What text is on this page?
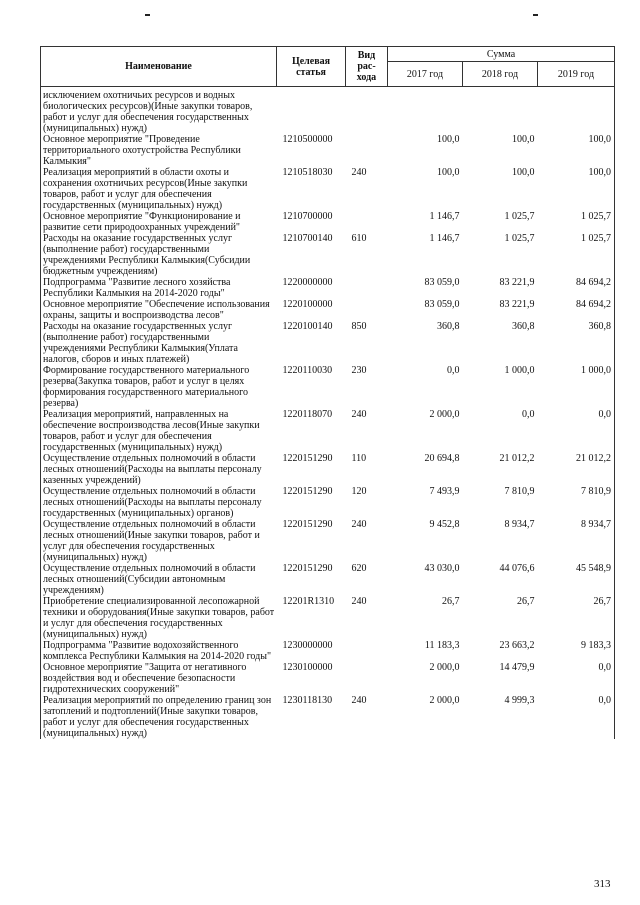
Наименование	Целевая статья	Вид рас-хода	Сумма		
			2017 год	2018 год	2019 год
исключением охотничьих ресурсов и водных биологических ресурсов)(Иные закупки товаров, работ и услуг для обеспечения государственных (муниципальных) нужд)					
Основное мероприятие "Проведение территориального охотустройства Республики Калмыкия"	1210500000		100,0	100,0	100,0
Реализация мероприятий в области охоты и сохранения охотничьих ресурсов(Иные закупки товаров, работ и услуг для обеспечения государственных (муниципальных) нужд)	1210518030	240	100,0	100,0	100,0
Основное мероприятие "Функционирование и развитие сети природоохранных учреждений"	1210700000		1 146,7	1 025,7	1 025,7
Расходы на оказание государственных услуг (выполнение работ) государственными учреждениями Республики Калмыкия(Субсидии бюджетным учреждениям)	1210700140	610	1 146,7	1 025,7	1 025,7
Подпрограмма "Развитие лесного хозяйства Республики Калмыкия на 2014-2020 годы"	1220000000		83 059,0	83 221,9	84 694,2
Основное мероприятие "Обеспечение использования охраны, защиты и воспроизводства лесов"	1220100000		83 059,0	83 221,9	84 694,2
Расходы на оказание государственных услуг (выполнение работ) государственными учреждениями Республики Калмыкия(Уплата налогов, сборов и иных платежей)	1220100140	850	360,8	360,8	360,8
Формирование государственного материального резерва(Закупка товаров, работ и услуг в целях формирования государственного материального резерва)	1220110030	230	0,0	1 000,0	1 000,0
Реализация мероприятий, направленных на обеспечение воспроизводства лесов(Иные закупки товаров, работ и услуг для обеспечения государственных (муниципальных) нужд)	1220118070	240	2 000,0	0,0	0,0
Осуществление отдельных полномочий в области лесных отношений(Расходы на выплаты персоналу казенных учреждений)	1220151290	110	20 694,8	21 012,2	21 012,2
Осуществление отдельных полномочий в области лесных отношений(Расходы на выплаты персоналу государственных (муниципальных) органов)	1220151290	120	7 493,9	7 810,9	7 810,9
Осуществление отдельных полномочий в области лесных отношений(Иные закупки товаров, работ и услуг для обеспечения государственных (муниципальных) нужд)	1220151290	240	9 452,8	8 934,7	8 934,7
Осуществление отдельных полномочий в области лесных отношений(Субсидии автономным учреждениям)	1220151290	620	43 030,0	44 076,6	45 548,9
Приобретение специализированной лесопожарной техники и оборудования(Иные закупки товаров, работ и услуг для обеспечения государственных (муниципальных) нужд)	12201R1310	240	26,7	26,7	26,7
Подпрограмма "Развитие водохозяйственного комплекса Республики Калмыкия на 2014-2020 годы"	1230000000		11 183,3	23 663,2	9 183,3
Основное мероприятие "Защита от негативного воздействия вод и обеспечение безопасности гидротехнических сооружений"	1230100000		2 000,0	14 479,9	0,0
Реализация мероприятий по определению границ зон затоплений и подтоплений(Иные закупки товаров, работ и услуг для обеспечения государственных (муниципальных) нужд)	1230118130	240	2 000,0	4 999,3	0,0
313
